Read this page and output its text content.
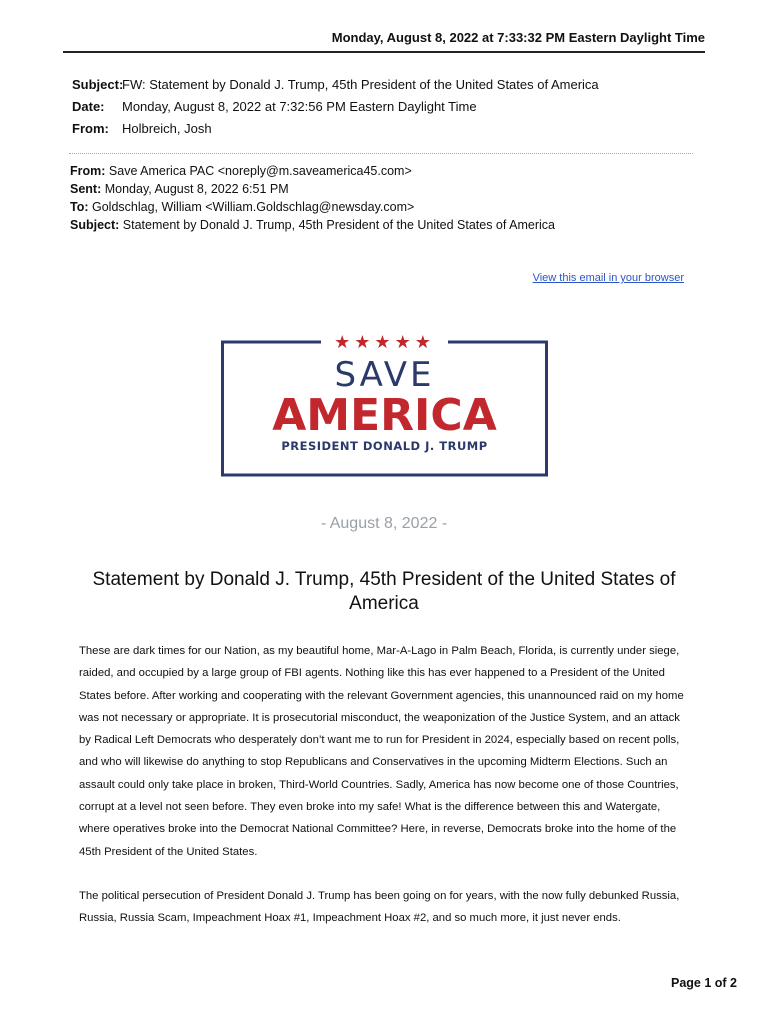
Monday, August 8, 2022 at 7:33:32 PM Eastern Daylight Time
Subject:
FW: Statement by Donald J. Trump, 45th President of the United States of America
Date:	Monday, August 8, 2022 at 7:32:56 PM Eastern Daylight Time
From:	Holbreich, Josh
From: Save America PAC <noreply@m.saveamerica45.com>
Sent: Monday, August 8, 2022 6:51 PM
To: Goldschlag, William <William.Goldschlag@newsday.com>
Subject: Statement by Donald J. Trump, 45th President of the United States of America
View this email in your browser
★★★★★
SAVE
AMERICA
PRESIDENT DONALD J. TRUMP
- August 8, 2022 -
Statement by Donald J. Trump, 45th President of the United States of America

These are dark times for our Nation, as my beautiful home, Mar-A-Lago in Palm Beach, Florida, is currently under siege, raided, and occupied by a large group of FBI agents. Nothing like this has ever happened to a President of the United States before. After working and cooperating with the relevant Government agencies, this unannounced raid on my home was not necessary or appropriate. It is prosecutorial misconduct, the weaponization of the Justice System, and an attack by Radical Left Democrats who desperately don’t want me to run for President in 2024, especially based on recent polls, and who will likewise do anything to stop Republicans and Conservatives in the upcoming Midterm Elections. Such an assault could only take place in broken, Third-World Countries. Sadly, America has now become one of those Countries, corrupt at a level not seen before. They even broke into my safe! What is the difference between this and Watergate, where operatives broke into the Democrat National Committee? Here, in reverse, Democrats broke into the home of the 45th President of the United States.

The political persecution of President Donald J. Trump has been going on for years, with the now fully debunked Russia, Russia, Russia Scam, Impeachment Hoax #1, Impeachment Hoax #2, and so much more, it just never ends.

Page 1 of 2
